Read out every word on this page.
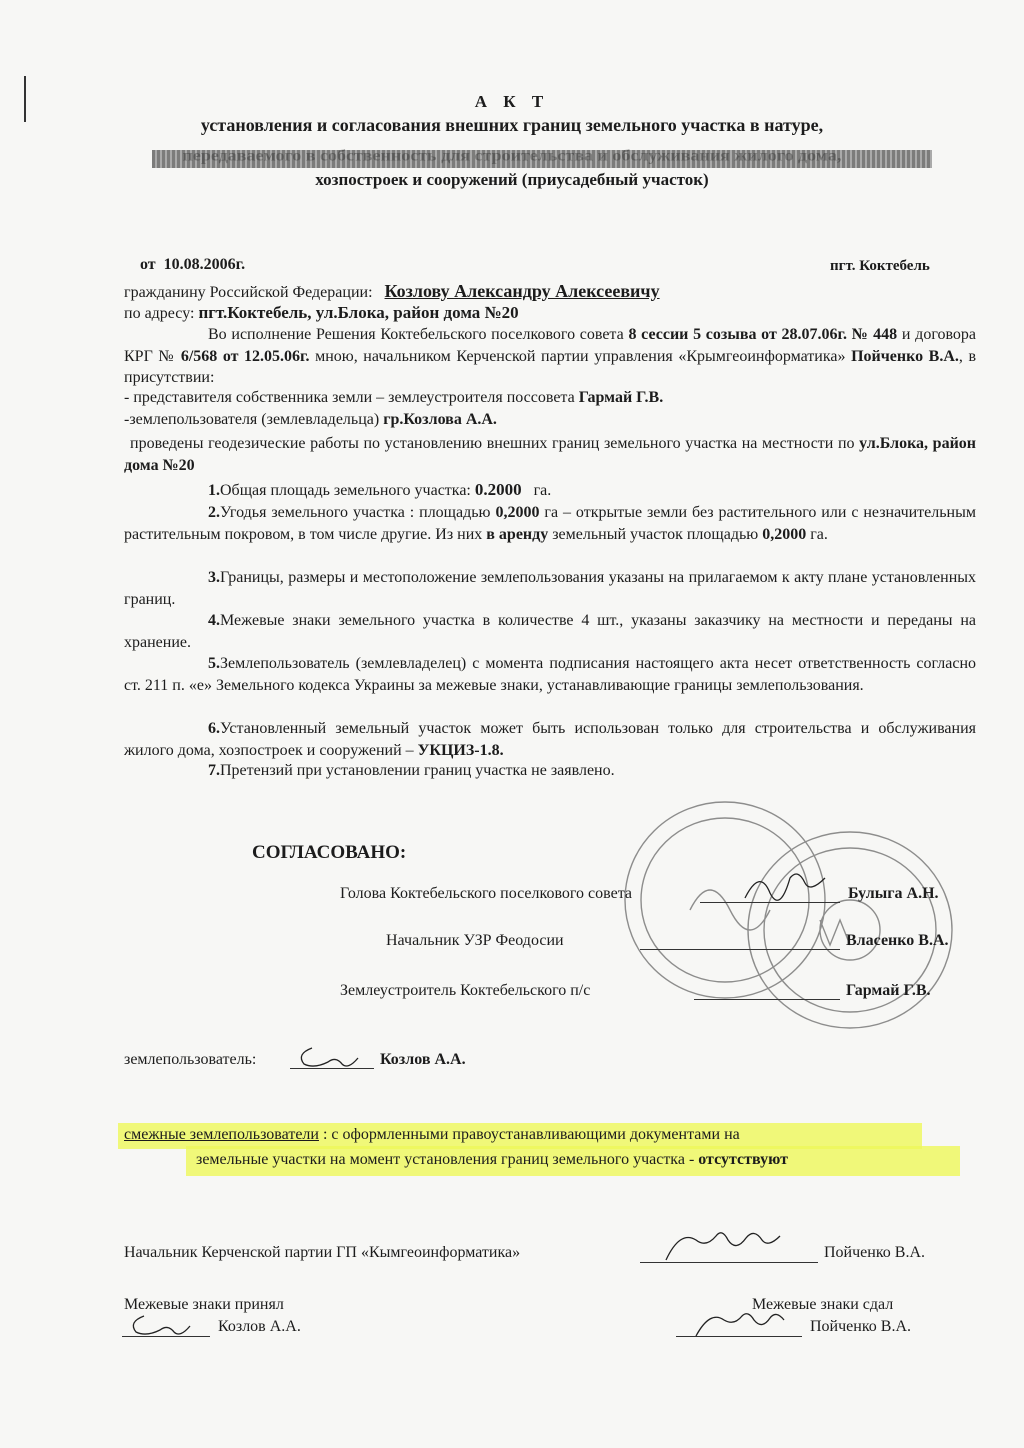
А К Т
установления и согласования внешних границ земельного участка в натуре,
передаваемого в собственность для строительства и обслуживания жилого дома,
хозпостроек и сооружений (приусадебный участок)
от 10.08.2006г.	пгт. Коктебель
гражданину Российской Федерации: Козлову Александру Алексеевичу
по адресу: пгт.Коктебель, ул.Блока, район дома №20
Во исполнение Решения Коктебельского поселкового совета 8 сессии 5 созыва от 28.07.06г. № 448 и договора КРГ № 6/568 от 12.05.06г. мною, начальником Керченской партии управления «Крымгеоинформатика» Пойченко В.А., в присутствии:
- представителя собственника земли – землеустроителя поссовета Гармай Г.В.
-землепользователя (землевладельца) гр.Козлова А.А.
проведены геодезические работы по установлению внешних границ земельного участка на местности по ул.Блока, район дома №20
1.Общая площадь земельного участка: 0.2000 га.
2.Угодья земельного участка : площадью 0,2000 га – открытые земли без растительного или с незначительным растительным покровом, в том числе другие. Из них в аренду земельный участок площадью 0,2000 га.
3.Границы, размеры и местоположение землепользования указаны на прилагаемом к акту плане установленных границ.
4.Межевые знаки земельного участка в количестве 4 шт., указаны заказчику на местности и переданы на хранение.
5.Землепользователь (землевладелец) с момента подписания настоящего акта несет ответственность согласно ст. 211 п. «е» Земельного кодекса Украины за межевые знаки, устанавливающие границы землепользования.
6.Установленный земельный участок может быть использован только для строительства и обслуживания жилого дома, хозпостроек и сооружений – УКЦИЗ-1.8.
7.Претензий при установлении границ участка не заявлено.
СОГЛАСОВАНО:
Голова Коктебельского поселкового совета	Булыга А.Н.
Начальник УЗР Феодосии	Власенко В.А.
Землеустроитель Коктебельского п/с	Гармай Г.В.
землепользователь:	Козлов А.А.
смежные землепользователи : с оформленными правоустанавливающими документами на
земельные участки на момент установления границ земельного участка - отсутствуют
Начальник Керченской партии ГП «Кымгеоинформатика»	Пойченко В.А.
Межевые знаки принял
Козлов А.А.
Межевые знаки сдал
Пойченко В.А.
